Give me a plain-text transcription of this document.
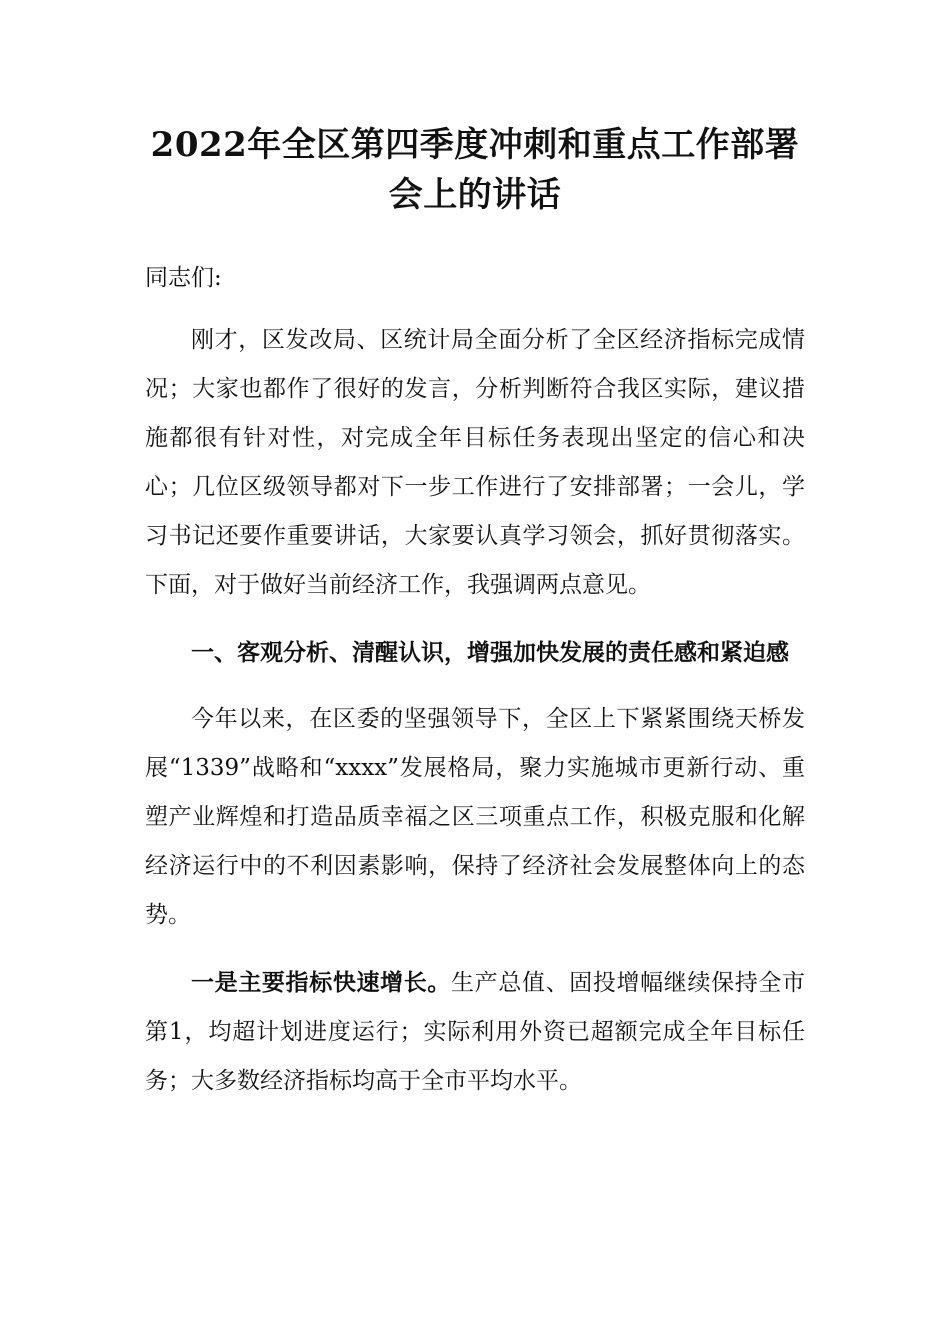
2022年全区第四季度冲刺和重点工作部署
会上的讲话

同志们:

刚才，区发改局、区统计局全面分析了全区经济指标完成情况；大家也都作了很好的发言，分析判断符合我区实际，建议措施都很有针对性，对完成全年目标任务表现出坚定的信心和决心；几位区级领导都对下一步工作进行了安排部署；一会儿，学习书记还要作重要讲话，大家要认真学习领会，抓好贯彻落实。下面，对于做好当前经济工作，我强调两点意见。

一、客观分析、清醒认识，增强加快发展的责任感和紧迫感

今年以来，在区委的坚强领导下，全区上下紧紧围绕天桥发展“1339”战略和“xxxx”发展格局，聚力实施城市更新行动、重塑产业辉煌和打造品质幸福之区三项重点工作，积极克服和化解经济运行中的不利因素影响，保持了经济社会发展整体向上的态势。

一是主要指标快速增长。生产总值、固投增幅继续保持全市第1，均超计划进度运行；实际利用外资已超额完成全年目标任务；大多数经济指标均高于全市平均水平。
